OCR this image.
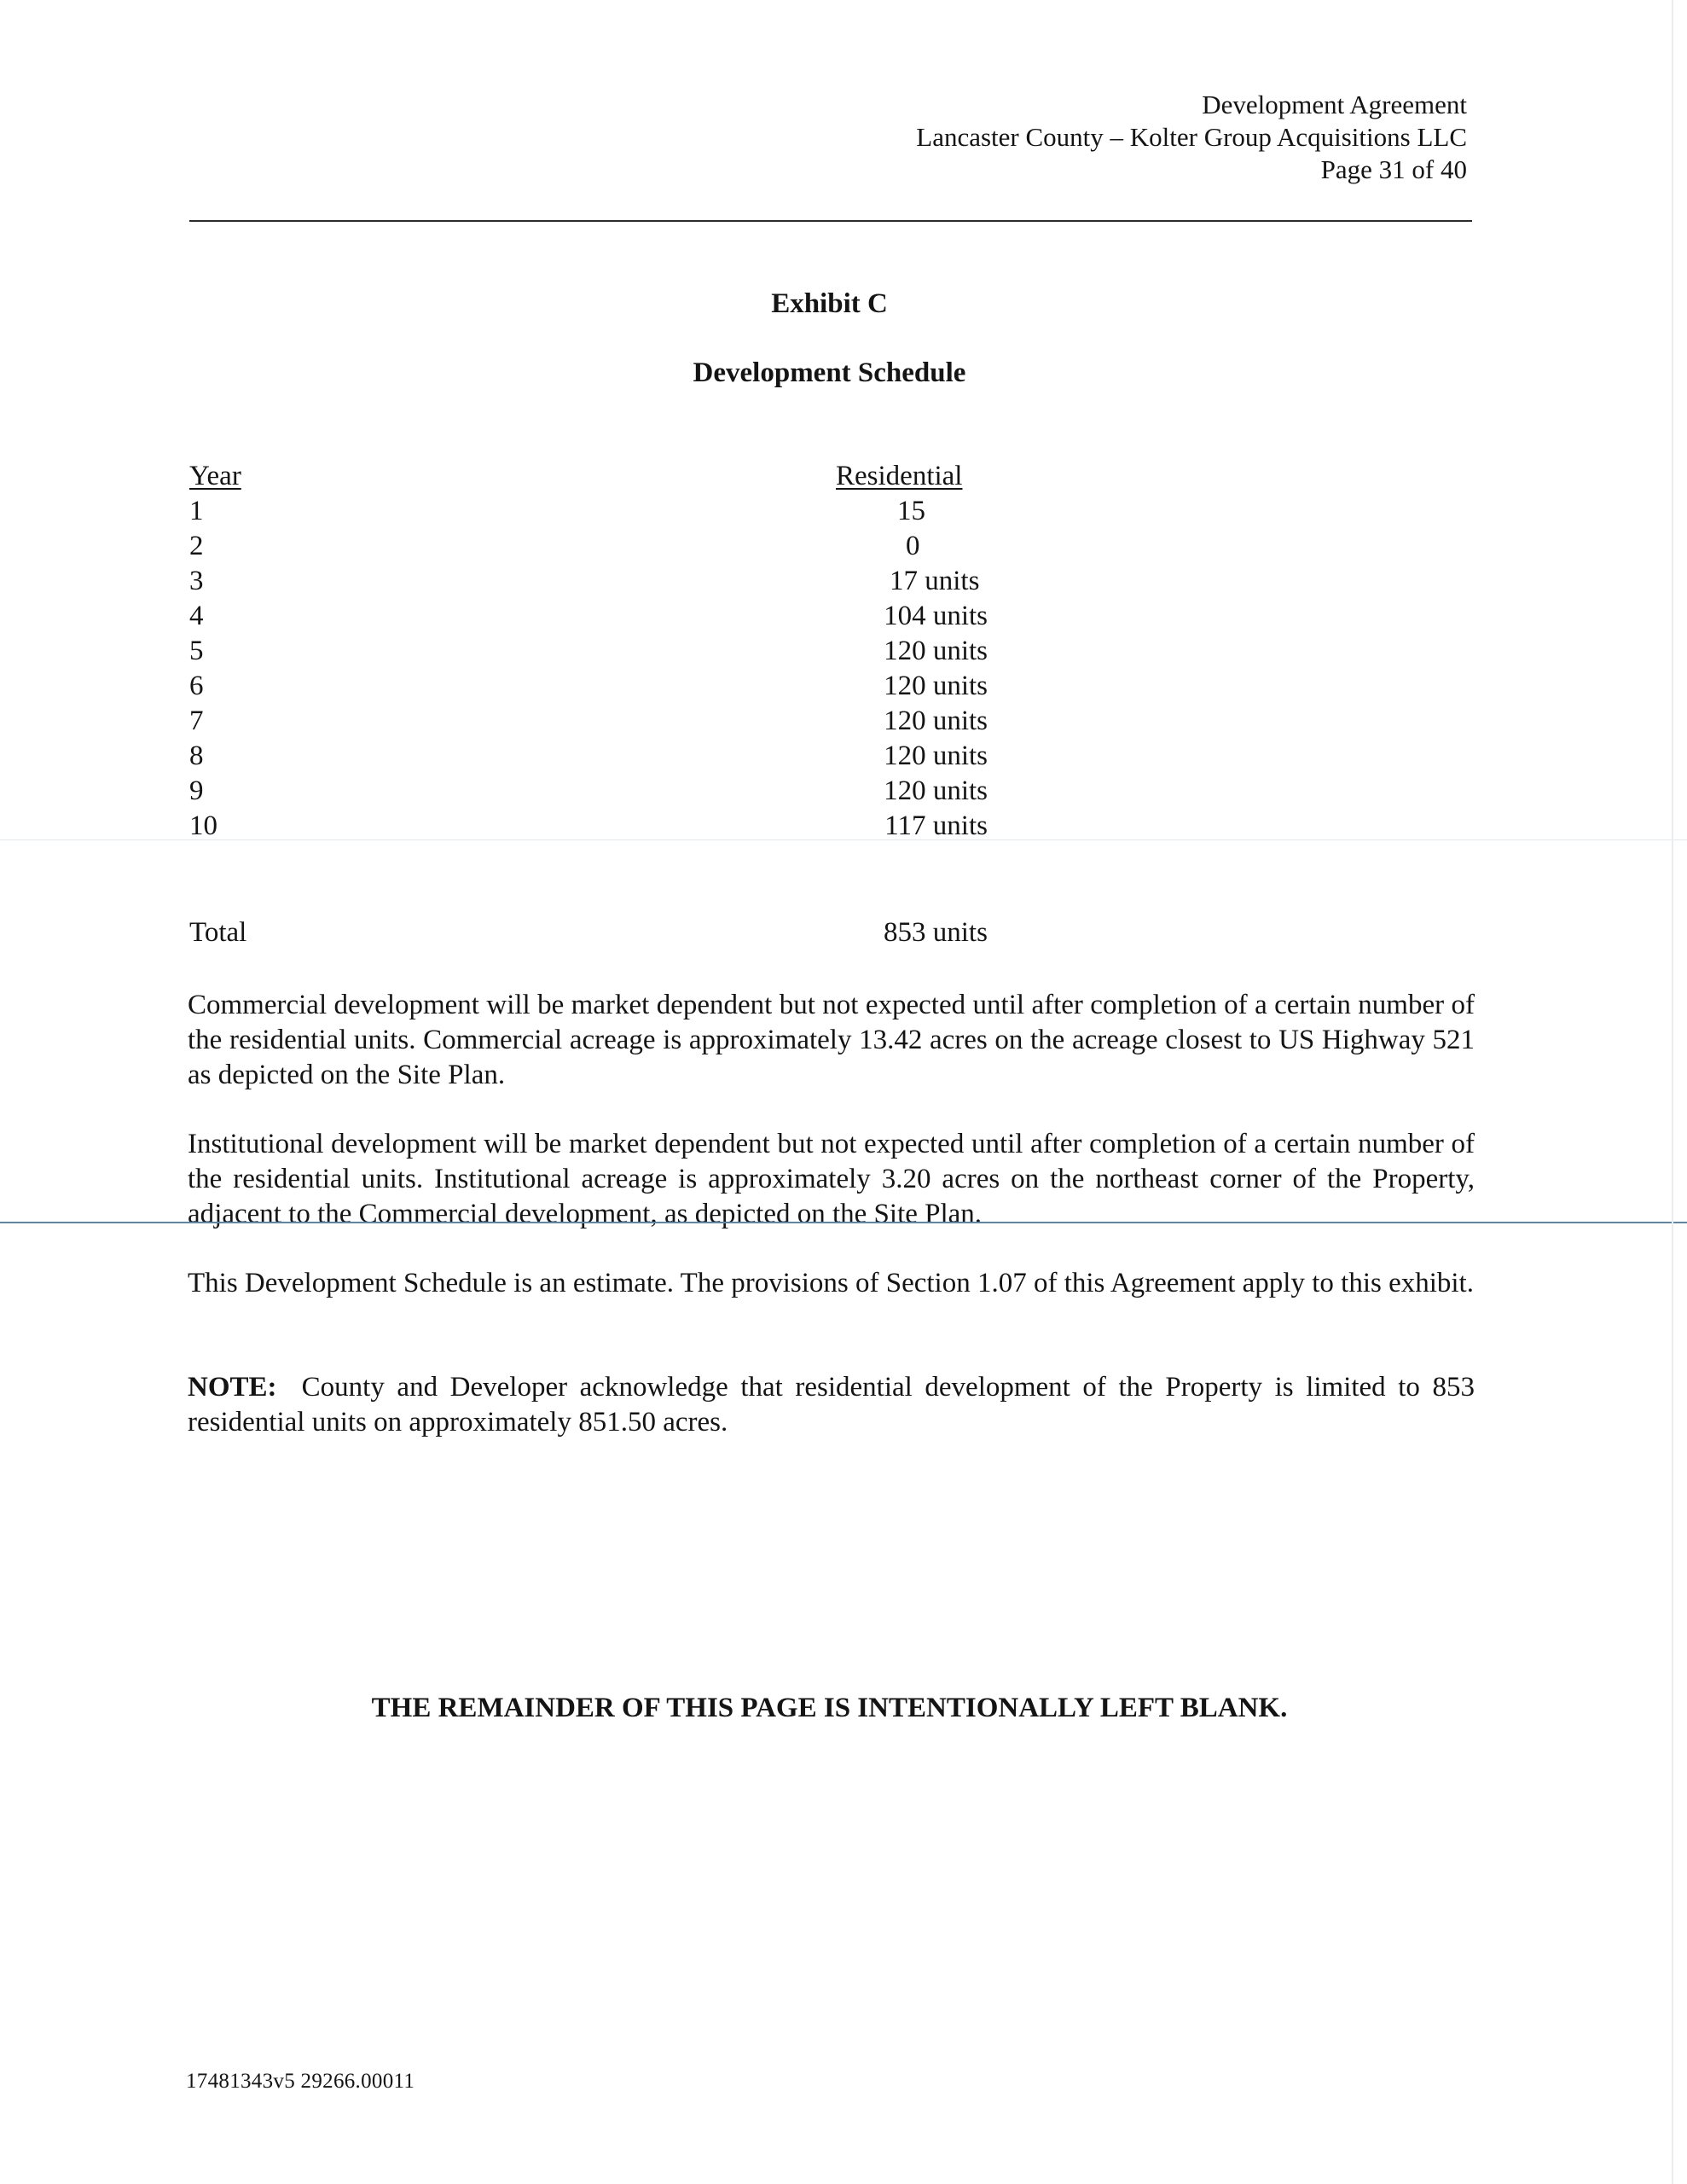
Development Agreement
Lancaster County – Kolter Group Acquisitions LLC
Page 31 of 40
Exhibit C
Development Schedule
Year
1
2
3
4
5
6
7
8
9
10
Residential
15
0
17 units
104 units
120 units
120 units
120 units
120 units
120 units
117 units
Total	853 units
Commercial development will be market dependent but not expected until after completion of a certain number of the residential units. Commercial acreage is approximately 13.42 acres on the acreage closest to US Highway 521 as depicted on the Site Plan.
Institutional development will be market dependent but not expected until after completion of a certain number of the residential units. Institutional acreage is approximately 3.20 acres on the northeast corner of the Property, adjacent to the Commercial development, as depicted on the Site Plan.
This Development Schedule is an estimate. The provisions of Section 1.07 of this Agreement apply to this exhibit.
NOTE: County and Developer acknowledge that residential development of the Property is limited to 853 residential units on approximately 851.50 acres.
THE REMAINDER OF THIS PAGE IS INTENTIONALLY LEFT BLANK.
17481343v5 29266.00011
